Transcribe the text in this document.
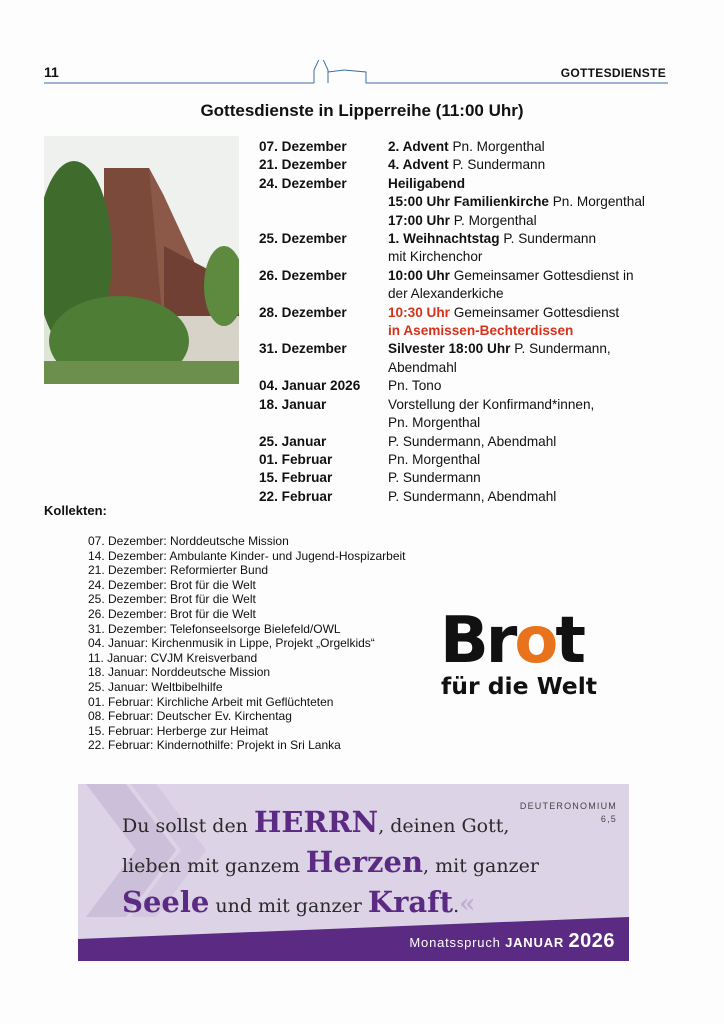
11	GOTTESDIENSTE
Gottesdienste in Lipperreihe (11:00 Uhr)
07. Dezember	2. Advent Pn. Morgenthal
21. Dezember	4. Advent P. Sundermann
24. Dezember	Heiligabend
15:00 Uhr Familienkirche Pn. Morgenthal
17:00 Uhr P. Morgenthal
25. Dezember	1. Weihnachtstag P. Sundermann
mit Kirchenchor
26. Dezember	10:00 Uhr Gemeinsamer Gottesdienst in
der Alexanderkiche
28. Dezember	10:30 Uhr Gemeinsamer Gottesdienst
in Asemissen-Bechterdissen
31. Dezember	Silvester 18:00 Uhr P. Sundermann,
Abendmahl
04. Januar 2026	Pn. Tono
18. Januar	Vorstellung der Konfirmand*innen,
Pn. Morgenthal
25. Januar	P. Sundermann, Abendmahl
01. Februar	Pn. Morgenthal
15. Februar	P. Sundermann
22. Februar	P. Sundermann, Abendmahl
Kollekten:
07. Dezember: Norddeutsche Mission
14. Dezember: Ambulante Kinder- und Jugend-Hospizarbeit
21. Dezember: Reformierter Bund
24. Dezember: Brot für die Welt
25. Dezember: Brot für die Welt
26. Dezember: Brot für die Welt
31. Dezember: Telefonseelsorge Bielefeld/OWL
04. Januar: Kirchenmusik in Lippe, Projekt „Orgelkids“
11. Januar: CVJM Kreisverband
18. Januar: Norddeutsche Mission
25. Januar: Weltbibelhilfe
01. Februar: Kirchliche Arbeit mit Geflüchteten
08. Februar: Deutscher Ev. Kirchentag
15. Februar: Herberge zur Heimat
22. Februar: Kindernothilfe: Projekt in Sri Lanka
Brot
für die Welt
DEUTERONOMIUM
6,5
Du sollst den HERRN, deinen Gott,
lieben mit ganzem Herzen, mit ganzer
Seele und mit ganzer Kraft.«
Monatsspruch JANUAR 2026
